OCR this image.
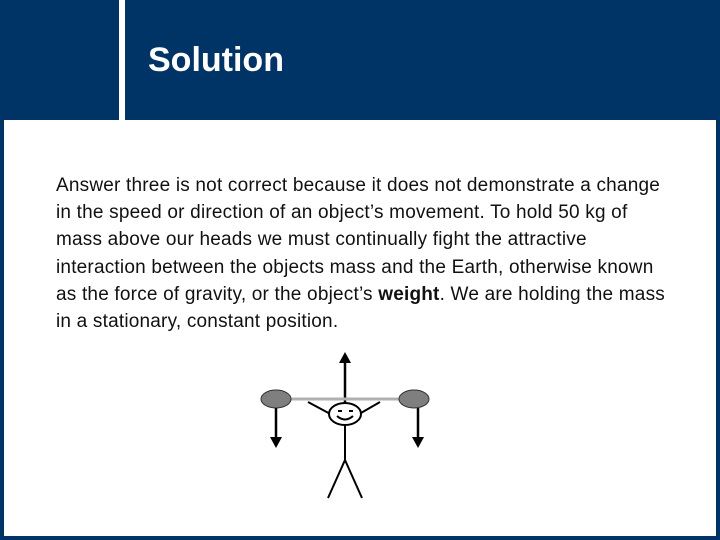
Solution

Answer three is not correct because it does not demonstrate a change in the speed or direction of an object’s movement. To hold 50 kg of mass above our heads we must continually fight the attractive interaction between the objects mass and the Earth, otherwise known as the force of gravity, or the object’s weight. We are holding the mass in a stationary, constant position.
